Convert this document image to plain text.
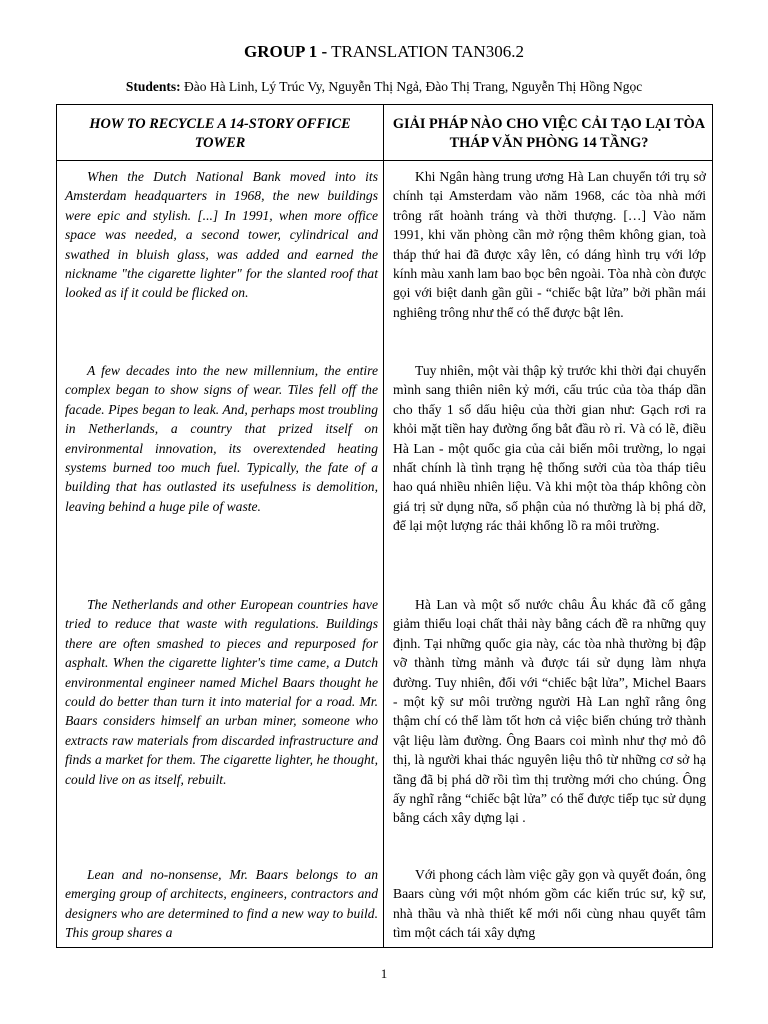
GROUP 1 - TRANSLATION TAN306.2
Students: Đào Hà Linh, Lý Trúc Vy, Nguyễn Thị Ngả, Đào Thị Trang, Nguyễn Thị Hồng Ngọc
HOW TO RECYCLE A 14-STORY OFFICE TOWER
GIẢI PHÁP NÀO CHO VIỆC CẢI TẠO LẠI TÒA THÁP VĂN PHÒNG 14 TẦNG?

When the Dutch National Bank moved into its Amsterdam headquarters in 1968, the new buildings were epic and stylish. [...] In 1991, when more office space was needed, a second tower, cylindrical and swathed in bluish glass, was added and earned the nickname "the cigarette lighter" for the slanted roof that looked as if it could be flicked on.

A few decades into the new millennium, the entire complex began to show signs of wear. Tiles fell off the facade. Pipes began to leak. And, perhaps most troubling in Netherlands, a country that prized itself on environmental innovation, its overextended heating systems burned too much fuel. Typically, the fate of a building that has outlasted its usefulness is demolition, leaving behind a huge pile of waste.

The Netherlands and other European countries have tried to reduce that waste with regulations. Buildings there are often smashed to pieces and repurposed for asphalt. When the cigarette lighter's time came, a Dutch environmental engineer named Michel Baars thought he could do better than turn it into material for a road. Mr. Baars considers himself an urban miner, someone who extracts raw materials from discarded infrastructure and finds a market for them. The cigarette lighter, he thought, could live on as itself, rebuilt.

Lean and no-nonsense, Mr. Baars belongs to an emerging group of architects, engineers, contractors and designers who are determined to find a new way to build. This group shares a

Khi Ngân hàng trung ương Hà Lan chuyển tới trụ sở chính tại Amsterdam vào năm 1968, các tòa nhà mới trông rất hoành tráng và thời thượng. […] Vào năm 1991, khi văn phòng cần mở rộng thêm không gian, toà tháp thứ hai đã được xây lên, có dáng hình trụ với lớp kính màu xanh lam bao bọc bên ngoài. Tòa nhà còn được gọi với biệt danh gần gũi - “chiếc bật lửa” bởi phần mái nghiêng trông như thể có thể được bật lên.

Tuy nhiên, một vài thập kỷ trước khi thời đại chuyển mình sang thiên niên kỷ mới, cấu trúc của tòa tháp dần cho thấy 1 số dấu hiệu của thời gian như: Gạch rơi ra khỏi mặt tiền hay đường ống bắt đầu rò rỉ. Và có lẽ, điều Hà Lan - một quốc gia của cải biến môi trường, lo ngại nhất chính là tình trạng hệ thống sưởi của tòa tháp tiêu hao quá nhiều nhiên liệu. Và khi một tòa tháp không còn giá trị sử dụng nữa, số phận của nó thường là bị phá dỡ, để lại một lượng rác thải khổng lồ ra môi trường.

Hà Lan và một số nước châu Âu khác đã cố gắng giảm thiểu loại chất thải này bằng cách đề ra những quy định. Tại những quốc gia này, các tòa nhà thường bị đập vỡ thành từng mảnh và được tái sử dụng làm nhựa đường. Tuy nhiên, đối với “chiếc bật lửa”, Michel Baars - một kỹ sư môi trường người Hà Lan nghĩ rằng ông thậm chí có thể làm tốt hơn cả việc biến chúng trở thành vật liệu làm đường. Ông Baars coi mình như thợ mỏ đô thị, là người khai thác nguyên liệu thô từ những cơ sở hạ tầng đã bị phá dỡ rồi tìm thị trường mới cho chúng. Ông ấy nghĩ rằng “chiếc bật lửa” có thể được tiếp tục sử dụng bằng cách xây dựng lại .

Với phong cách làm việc gãy gọn và quyết đoán, ông Baars cùng với một nhóm gồm các kiến trúc sư, kỹ sư, nhà thầu và nhà thiết kế mới nổi cùng nhau quyết tâm tìm một cách tái xây dựng

1
